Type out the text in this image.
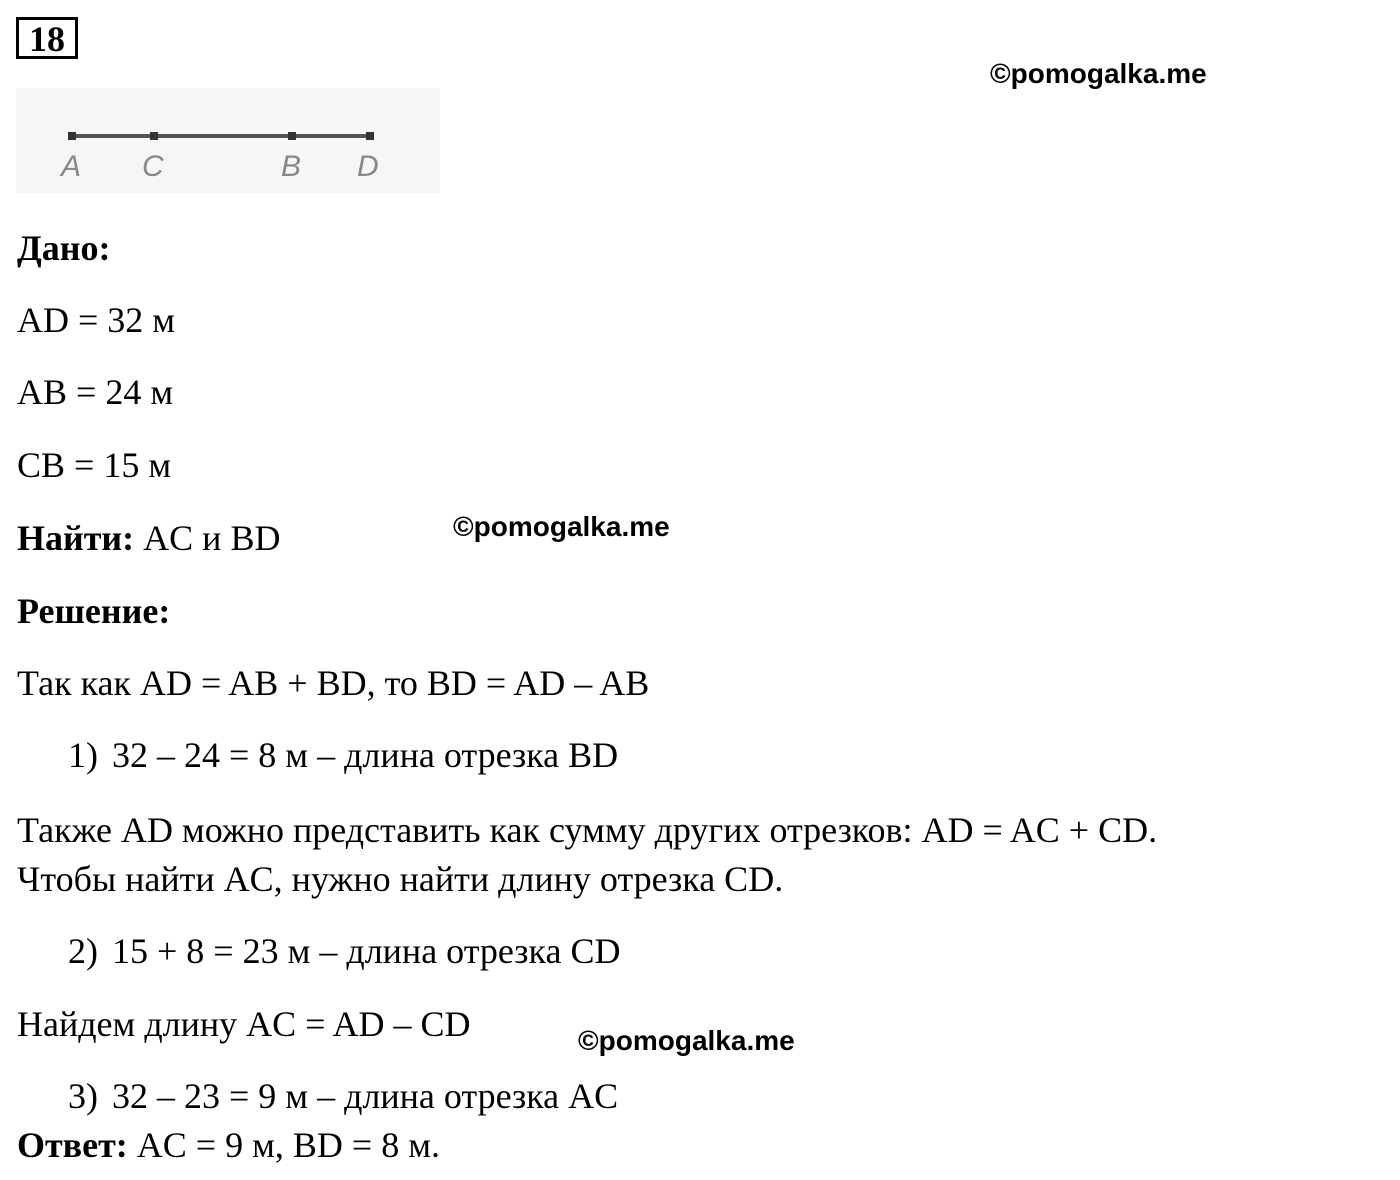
18
©pomogalka.me
©pomogalka.me
©pomogalka.me
A C	B D
Дано:
AD = 32 м
AB = 24 м
CB = 15 м
Найти: AC и BD
Решение:
Так как AD = AB + BD, то BD = AD – AB
1) 32 – 24 = 8 м – длина отрезка BD
Также AD можно представить как сумму других отрезков: AD = AC + CD.
Чтобы найти AC, нужно найти длину отрезка CD.
2) 15 + 8 = 23 м – длина отрезка CD
Найдем длину AC = AD – CD
3) 32 – 23 = 9 м – длина отрезка AC
Ответ: AC = 9 м, BD = 8 м.
